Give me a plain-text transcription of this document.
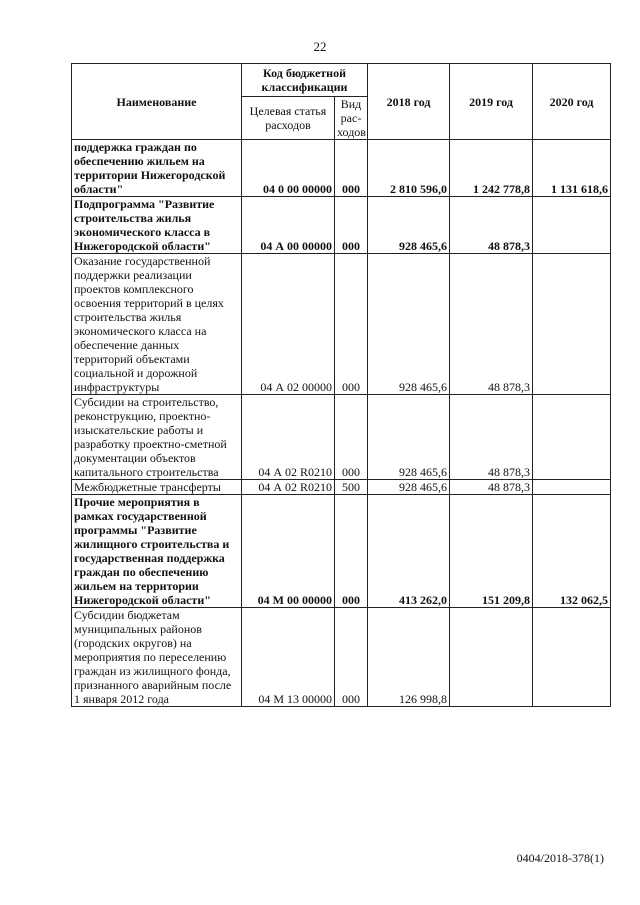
22
Наименование	Код бюджетной классификации		2018 год	2019 год	2020 год
	Целевая статья расходов	Вид рас-ходов			
поддержка граждан по обеспечению жильем на территории Нижегородской области"	04 0 00 00000	000	2 810 596,0	1 242 778,8	1 131 618,6
Подпрограмма "Развитие строительства жилья экономического класса в Нижегородской области"	04 А 00 00000	000	928 465,6	48 878,3	
Оказание государственной поддержки реализации проектов комплексного освоения территорий в целях строительства жилья экономического класса на обеспечение данных территорий объектами социальной и дорожной инфраструктуры	04 А 02 00000	000	928 465,6	48 878,3	
Субсидии на строительство, реконструкцию, проектно-изыскательские работы и разработку проектно-сметной документации объектов капитального строительства	04 А 02 R0210	000	928 465,6	48 878,3	
Межбюджетные трансферты	04 А 02 R0210	500	928 465,6	48 878,3	
Прочие мероприятия в рамках государственной программы "Развитие жилищного строительства и государственная поддержка граждан по обеспечению жильем на территории Нижегородской области"	04 М 00 00000	000	413 262,0	151 209,8	132 062,5
Субсидии бюджетам муниципальных районов (городских округов) на мероприятия по переселению граждан из жилищного фонда, признанного аварийным после 1 января 2012 года	04 М 13 00000	000	126 998,8		
0404/2018-378(1)
